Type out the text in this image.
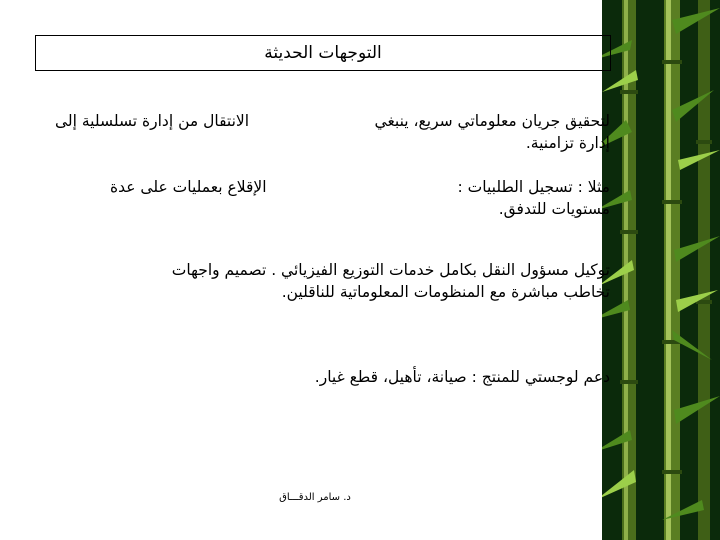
التوجهات الحديثة
لتحقيق جريان معلوماتي سريع، ينبغي
الانتقال من إدارة تسلسلية إلى
إدارة تزامنية.
مثلا : تسجيل الطلبيات :
الإقلاع بعمليات على عدة
مستويات للتدفق.
توكيل مسؤول النقل بكامل خدمات التوزيع الفيزيائي . تصميم واجهات
تخاطب مباشرة مع المنظومات المعلوماتية للناقلين.
دعم لوجستي للمنتج : صيانة، تأهيل، قطع غيار.
د. سامر الدقـــاق
